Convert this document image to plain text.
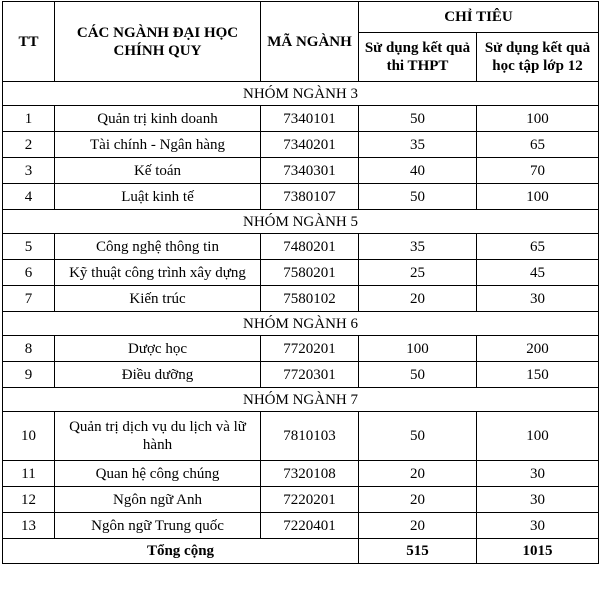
TT	CÁC NGÀNH ĐẠI HỌC CHÍNH QUY	MÃ NGÀNH	CHỈ TIÊU	
			Sử dụng kết quả thi THPT	Sử dụng kết quả học tập lớp 12
NHÓM NGÀNH 3				
1	Quản trị kinh doanh	7340101	50	100
2	Tài chính - Ngân hàng	7340201	35	65
3	Kế toán	7340301	40	70
4	Luật kinh tế	7380107	50	100
NHÓM NGÀNH 5				
5	Công nghệ thông tin	7480201	35	65
6	Kỹ thuật công trình xây dựng	7580201	25	45
7	Kiến trúc	7580102	20	30
NHÓM NGÀNH 6				
8	Dược học	7720201	100	200
9	Điều dưỡng	7720301	50	150
NHÓM NGÀNH 7				
10	Quản trị dịch vụ du lịch và lữ hành	7810103	50	100
11	Quan hệ công chúng	7320108	20	30
12	Ngôn ngữ Anh	7220201	20	30
13	Ngôn ngữ Trung quốc	7220401	20	30
Tổng cộng			515	1015
